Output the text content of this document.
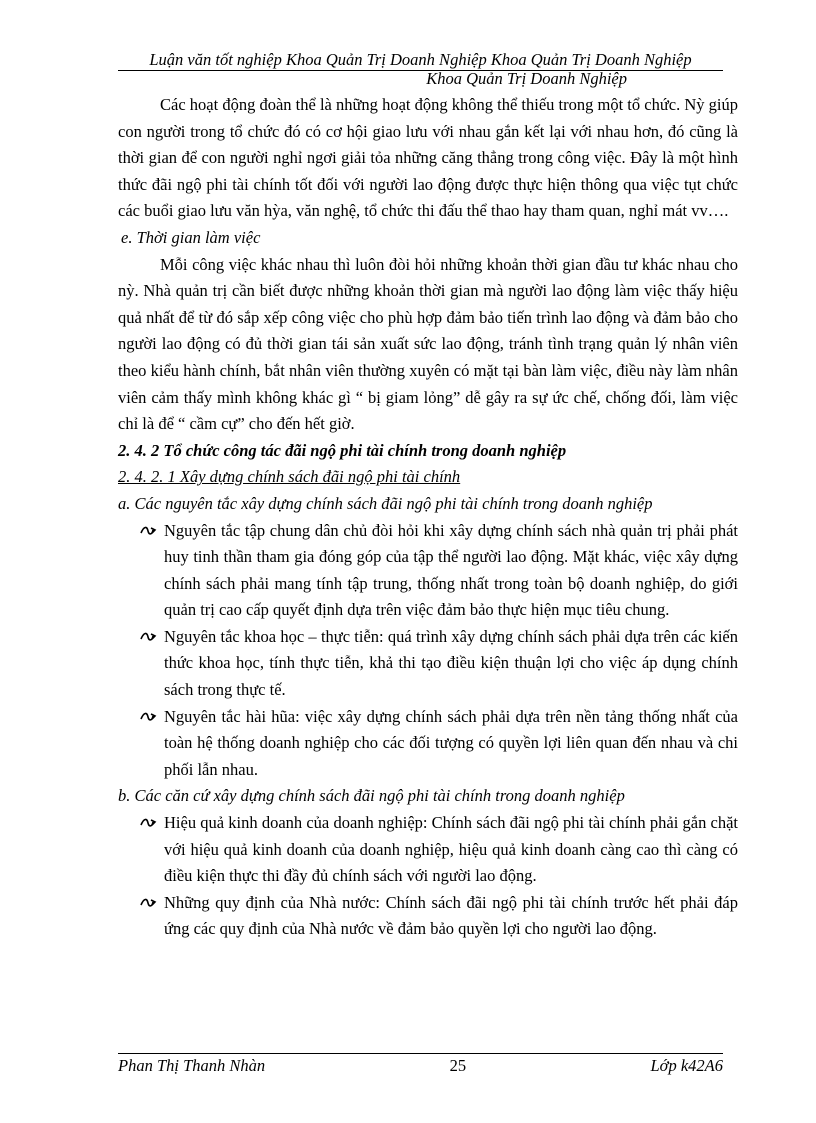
Luận văn tốt nghiệp Khoa Quản Trị Doanh Nghiệp Khoa Quản Trị Doanh Nghiệp
Khoa Quản Trị Doanh Nghiệp

Các hoạt động đoàn thể là những hoạt động không thể thiếu trong một tổ chức. Nỳ giúp con người trong tổ chức đó có cơ hội giao lưu với nhau gắn kết lại với nhau hơn, đó cũng là thời gian để con người nghỉ ngơi giải tỏa những căng thẳng trong công việc. Đây là một hình thức đãi ngộ phi tài chính tốt đối với người lao động được thực hiện thông qua việc tụt chức các buổi giao lưu văn hỳa, văn nghệ, tổ chức thi đấu thể thao hay tham quan, nghỉ mát vv….

e. Thời gian làm việc

Mỗi công việc khác nhau thì luôn đòi hỏi những khoản thời gian đầu tư khác nhau cho nỳ. Nhà quản trị cần biết được những khoản thời gian mà người lao động làm việc thấy hiệu quả nhất để từ đó sắp xếp công việc cho phù hợp đảm bảo tiến trình lao động và đảm bảo cho người lao động có đủ thời gian tái sản xuất sức lao động, tránh tình trạng quản lý nhân viên theo kiểu hành chính, bắt nhân viên thường xuyên có mặt tại bàn làm việc, điều này làm nhân viên cảm thấy mình không khác gì “ bị giam lỏng” dễ gây ra sự ức chế, chống đối, làm việc chỉ là để “ cầm cự” cho đến hết giờ.

2. 4. 2 Tổ chức công tác đãi ngộ phi tài chính trong doanh nghiệp

2. 4. 2. 1 Xây dựng chính sách đãi ngộ phi tài chính

a. Các nguyên tắc xây dựng chính sách đãi ngộ phi tài chính trong doanh nghiệp

Nguyên tắc tập chung dân chủ đòi hỏi khi xây dựng chính sách nhà quản trị phải phát huy tinh thần tham gia đóng góp của tập thể người lao động. Mặt khác, việc xây dựng chính sách phải mang tính tập trung, thống nhất trong toàn bộ doanh nghiệp, do giới quản trị cao cấp quyết định dựa trên việc đảm bảo thực hiện mục tiêu chung.
Nguyên tắc khoa học – thực tiễn: quá trình xây dựng chính sách phải dựa trên các kiến thức khoa học, tính thực tiễn, khả thi tạo điều kiện thuận lợi cho việc áp dụng chính sách trong thực tế.
Nguyên tắc hài hũa: việc xây dựng chính sách phải dựa trên nền tảng thống nhất của toàn hệ thống doanh nghiệp cho các đối tượng có quyền lợi liên quan đến nhau và chi phối lẫn nhau.

b. Các căn cứ xây dựng chính sách đãi ngộ phi tài chính trong doanh nghiệp

Hiệu quả kinh doanh của doanh nghiệp: Chính sách đãi ngộ phi tài chính phải gắn chặt với hiệu quả kinh doanh của doanh nghiệp, hiệu quả kinh doanh càng cao thì càng có điều kiện thực thi đầy đủ chính sách với người lao động.
Những quy định của Nhà nước: Chính sách đãi ngộ phi tài chính trước hết phải đáp ứng các quy định của Nhà nước về đảm bảo quyền lợi cho người lao động.
Phan Thị Thanh Nhàn	25	Lớp k42A6
